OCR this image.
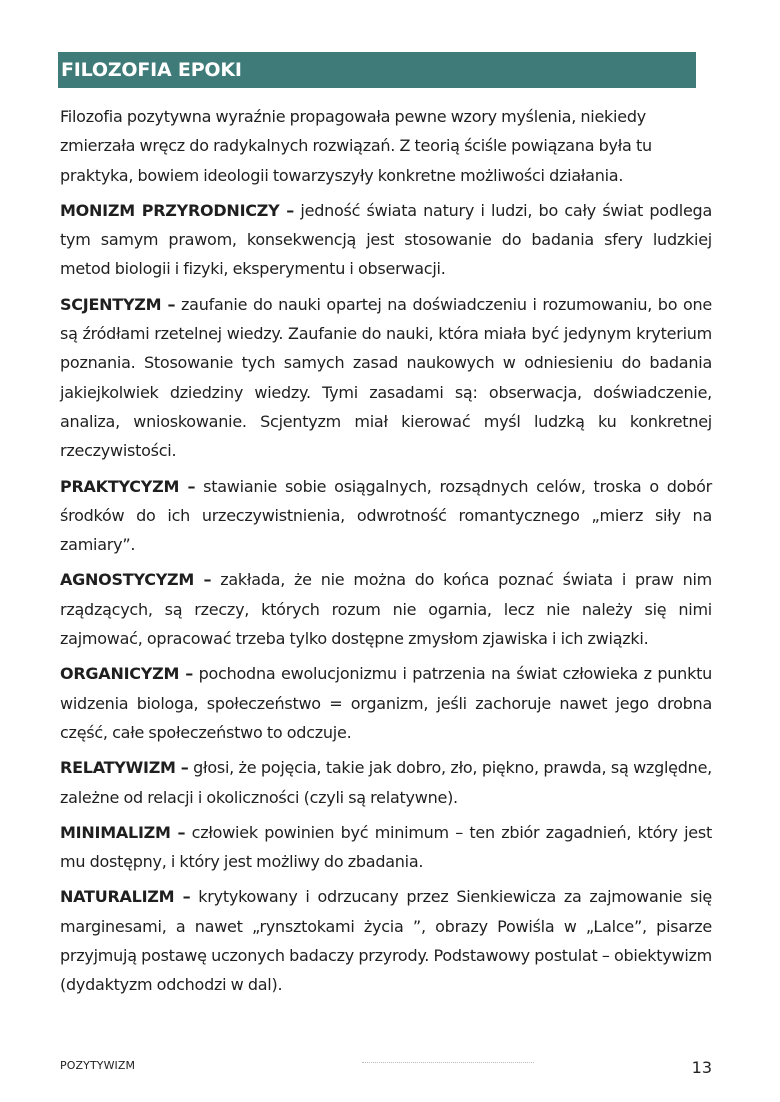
FILOZOFIA EPOKI

Filozofia pozytywna wyraźnie propagowała pewne wzory myślenia, niekiedy zmierzała wręcz do radykalnych rozwiązań. Z teorią ściśle powiązana była tu praktyka, bowiem ideologii towarzyszyły konkretne możliwości działania.

MONIZM PRZYRODNICZY – jedność świata natury i ludzi, bo cały świat podlega tym samym prawom, konsekwencją jest stosowanie do badania sfery ludzkiej metod biologii i fizyki, eksperymentu i obserwacji.

SCJENTYZM – zaufanie do nauki opartej na doświadczeniu i rozumowaniu, bo one są źródłami rzetelnej wiedzy. Zaufanie do nauki, która miała być jedynym kryterium poznania. Stosowanie tych samych zasad naukowych w odniesieniu do badania jakiejkolwiek dziedziny wiedzy. Tymi zasadami są: obserwacja, doświadczenie, analiza, wnioskowanie. Scjentyzm miał kierować myśl ludzką ku konkretnej rzeczywistości.

PRAKTYCYZM – stawianie sobie osiągalnych, rozsądnych celów, troska o dobór środków do ich urzeczywistnienia, odwrotność romantycznego „mierz siły na zamiary”.

AGNOSTYCYZM – zakłada, że nie można do końca poznać świata i praw nim rządzących, są rzeczy, których rozum nie ogarnia, lecz nie należy się nimi zajmować, opracować trzeba tylko dostępne zmysłom zjawiska i ich związki.

ORGANICYZM – pochodna ewolucjonizmu i patrzenia na świat człowieka z punktu widzenia biologa, społeczeństwo = organizm, jeśli zachoruje nawet jego drobna część, całe społeczeństwo to odczuje.

RELATYWIZM – głosi, że pojęcia, takie jak dobro, zło, piękno, prawda, są względne, zależne od relacji i okoliczności (czyli są relatywne).

MINIMALIZM – człowiek powinien być minimum – ten zbiór zagadnień, który jest mu dostępny, i który jest możliwy do zbadania.

NATURALIZM – krytykowany i odrzucany przez Sienkiewicza za zajmowanie się marginesami, a nawet „rynsztokami życia ”, obrazy Powiśla w „Lalce”, pisarze przyjmują postawę uczonych badaczy przyrody. Podstawowy postulat – obiektywizm (dydaktyzm odchodzi w dal).

POZYTYWIZM	13
